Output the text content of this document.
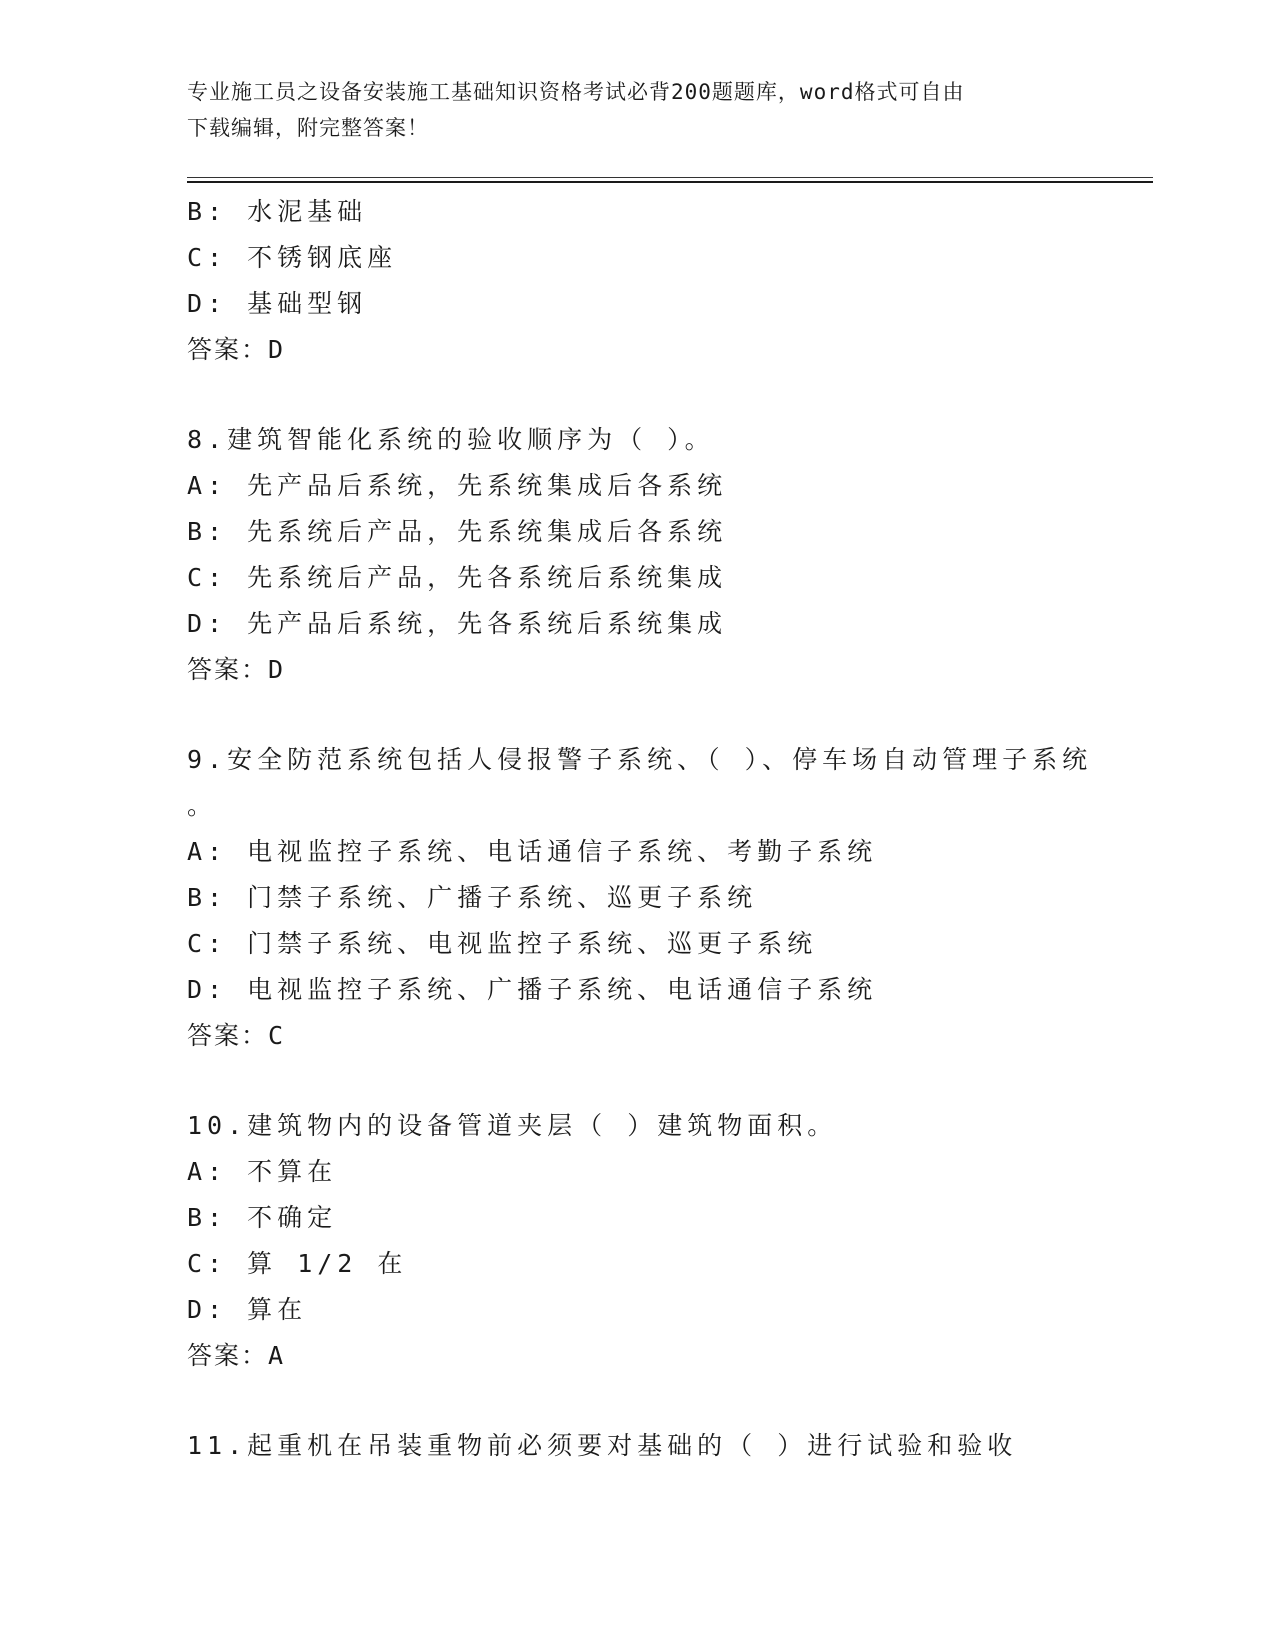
专业施工员之设备安装施工基础知识资格考试必背200题题库，word格式可自由
下载编辑，附完整答案！
B: 水泥基础
C: 不锈钢底座
D: 基础型钢
答案：D
8.建筑智能化系统的验收顺序为（ ）。
A: 先产品后系统，先系统集成后各系统
B: 先系统后产品，先系统集成后各系统
C: 先系统后产品，先各系统后系统集成
D: 先产品后系统，先各系统后系统集成
答案：D
9.安全防范系统包括人侵报警子系统、（ ）、停车场自动管理子系统
。
A: 电视监控子系统、电话通信子系统、考勤子系统
B: 门禁子系统、广播子系统、巡更子系统
C: 门禁子系统、电视监控子系统、巡更子系统
D: 电视监控子系统、广播子系统、电话通信子系统
答案：C
10.建筑物内的设备管道夹层（ ）建筑物面积。
A: 不算在
B: 不确定
C: 算 1/2 在
D: 算在
答案：A
11.起重机在吊装重物前必须要对基础的（ ）进行试验和验收
